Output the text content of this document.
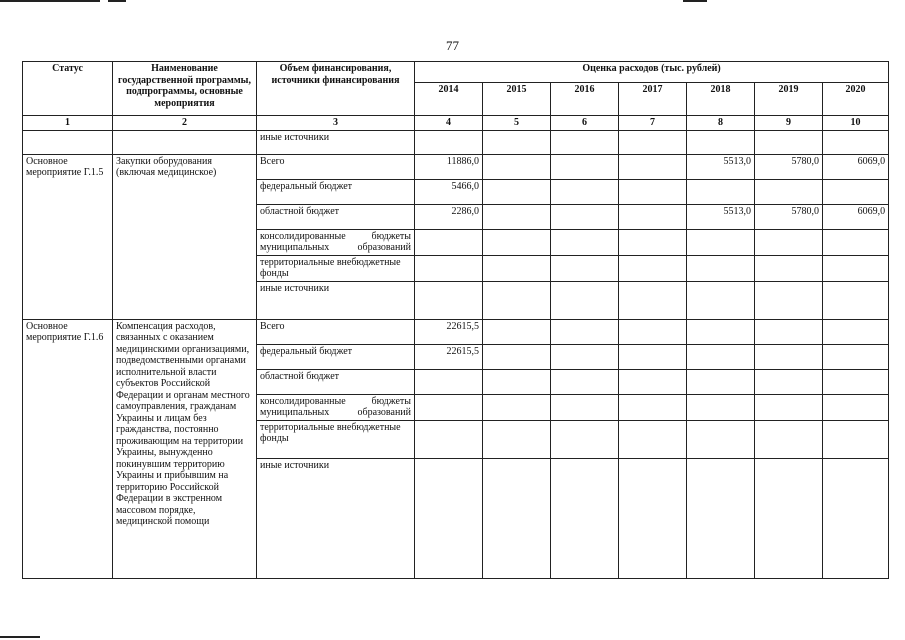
77
Статус	Наименование государственной программы, подпрограммы, основные мероприятия	Объем финансирования, источники финансирования	Оценка расходов (тыс. рублей)						
			2014	2015	2016	2017	2018	2019	2020
1	2	3	4	5	6	7	8	9	10
		иные источники							
Основное мероприятие Г.1.5	Закупки оборудования (включая медицинское)	Всего	11886,0				5513,0	5780,0	6069,0
		федеральный бюджет	5466,0						
		областной бюджет	2286,0				5513,0	5780,0	6069,0
		консолидированные бюджеты муниципальных образований							
		территориальные внебюджетные фонды							
		иные источники							
Основное мероприятие Г.1.6	Компенсация расходов, связанных с оказанием медицинскими организациями, подведомственными органами исполнительной власти субъектов Российской Федерации и органам местного самоуправления, гражданам Украины и лицам без гражданства, постоянно проживающим на территории Украины, вынужденно покинувшим территорию Украины и прибывшим на территорию Российской Федерации в экстренном массовом порядке, медицинской помощи	Всего	22615,5						
		федеральный бюджет	22615,5						
		областной бюджет							
		консолидированные бюджеты муниципальных образований							
		территориальные внебюджетные фонды							
		иные источники							
